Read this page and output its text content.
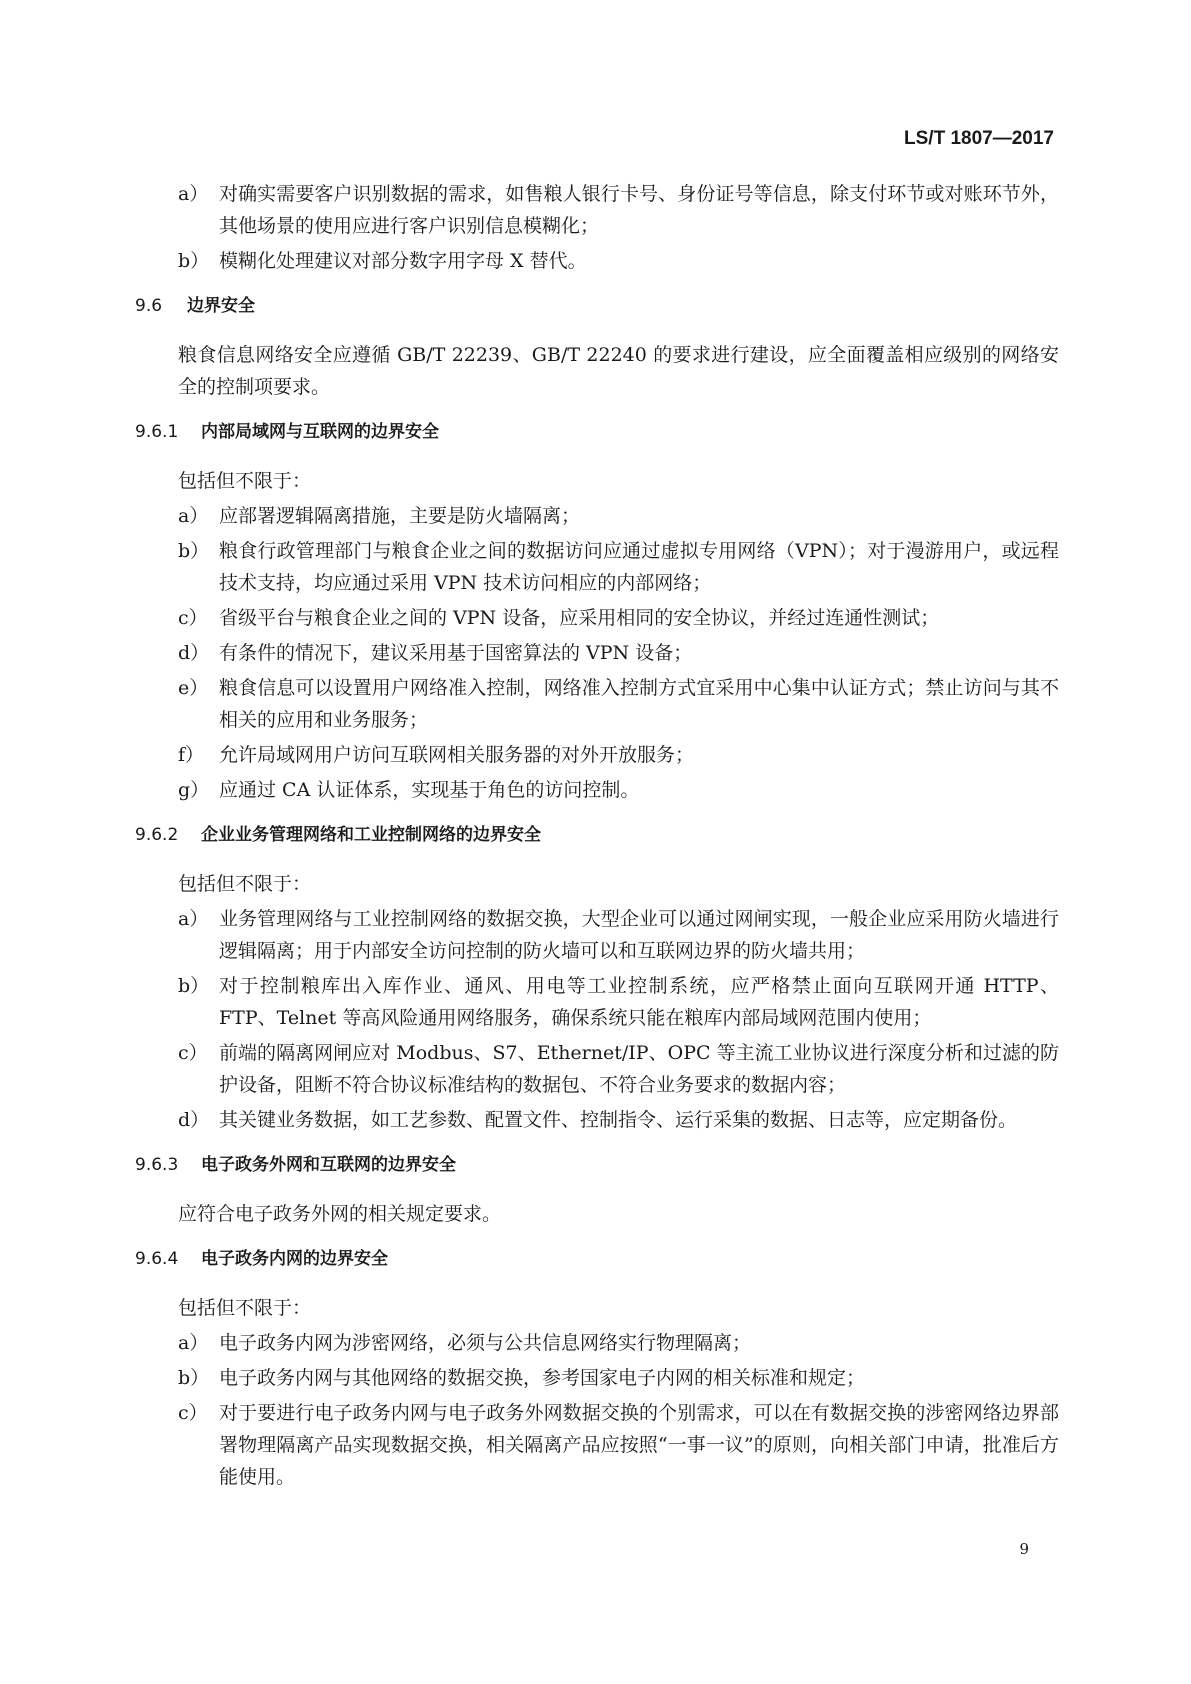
LS/T 1807—2017
a） 对确实需要客户识别数据的需求，如售粮人银行卡号、身份证号等信息，除支付环节或对账环节外，其他场景的使用应进行客户识别信息模糊化；
b） 模糊化处理建议对部分数字用字母 X 替代。
9.6 边界安全
粮食信息网络安全应遵循 GB/T 22239、GB/T 22240 的要求进行建设，应全面覆盖相应级别的网络安全的控制项要求。
9.6.1 内部局域网与互联网的边界安全
包括但不限于：
a） 应部署逻辑隔离措施，主要是防火墙隔离；
b） 粮食行政管理部门与粮食企业之间的数据访问应通过虚拟专用网络（VPN）；对于漫游用户，或远程技术支持，均应通过采用 VPN 技术访问相应的内部网络；
c） 省级平台与粮食企业之间的 VPN 设备，应采用相同的安全协议，并经过连通性测试；
d） 有条件的情况下，建议采用基于国密算法的 VPN 设备；
e） 粮食信息可以设置用户网络准入控制，网络准入控制方式宜采用中心集中认证方式；禁止访问与其不相关的应用和业务服务；
f） 允许局域网用户访问互联网相关服务器的对外开放服务；
g） 应通过 CA 认证体系，实现基于角色的访问控制。
9.6.2 企业业务管理网络和工业控制网络的边界安全
包括但不限于：
a） 业务管理网络与工业控制网络的数据交换，大型企业可以通过网闸实现，一般企业应采用防火墙进行逻辑隔离；用于内部安全访问控制的防火墙可以和互联网边界的防火墙共用；
b） 对于控制粮库出入库作业、通风、用电等工业控制系统，应严格禁止面向互联网开通 HTTP、FTP、Telnet 等高风险通用网络服务，确保系统只能在粮库内部局域网范围内使用；
c） 前端的隔离网闸应对 Modbus、S7、Ethernet/IP、OPC 等主流工业协议进行深度分析和过滤的防护设备，阻断不符合协议标准结构的数据包、不符合业务要求的数据内容；
d） 其关键业务数据，如工艺参数、配置文件、控制指令、运行采集的数据、日志等，应定期备份。
9.6.3 电子政务外网和互联网的边界安全
应符合电子政务外网的相关规定要求。
9.6.4 电子政务内网的边界安全
包括但不限于：
a） 电子政务内网为涉密网络，必须与公共信息网络实行物理隔离；
b） 电子政务内网与其他网络的数据交换，参考国家电子内网的相关标准和规定；
c） 对于要进行电子政务内网与电子政务外网数据交换的个别需求，可以在有数据交换的涉密网络边界部署物理隔离产品实现数据交换，相关隔离产品应按照“一事一议”的原则，向相关部门申请，批准后方能使用。
9
